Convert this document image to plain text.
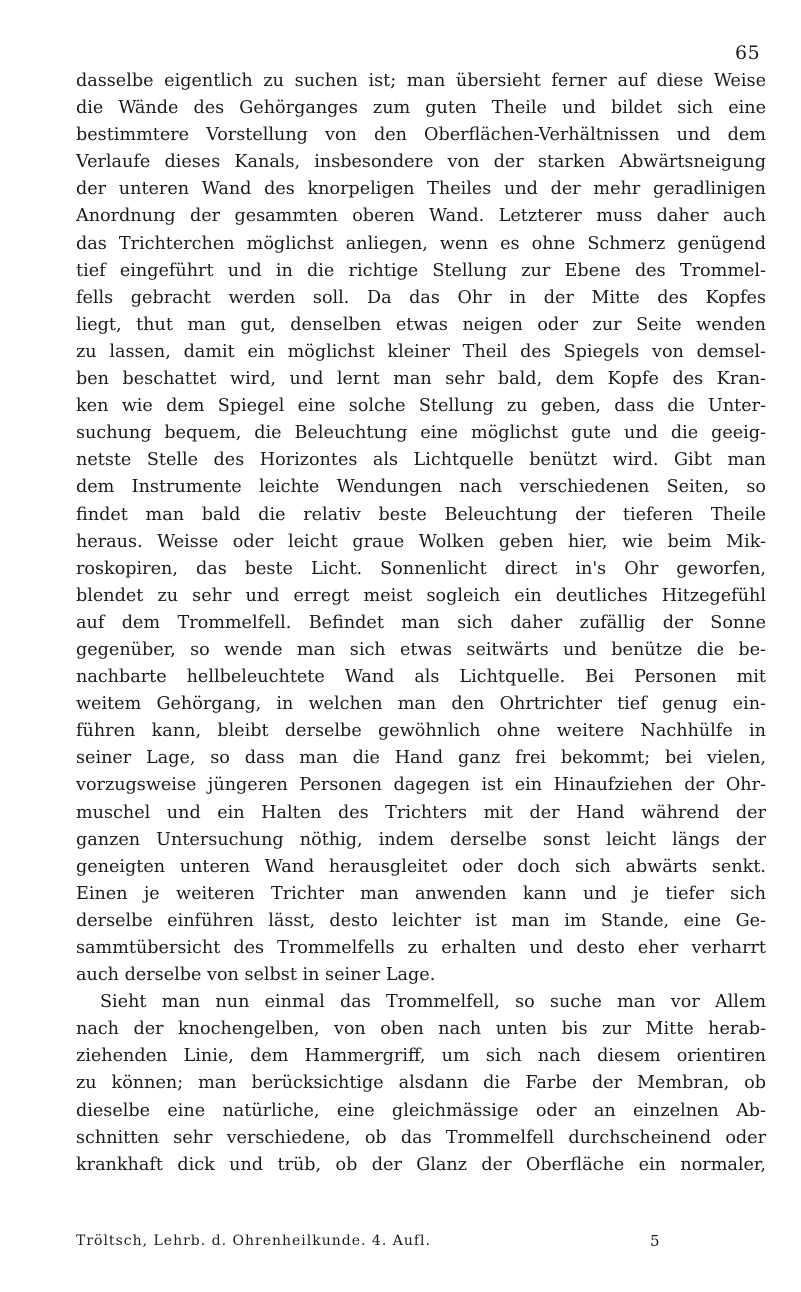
65
dasselbe eigentlich zu suchen ist; man übersieht ferner auf diese Weise
die Wände des Gehörganges zum guten Theile und bildet sich eine
bestimmtere Vorstellung von den Oberflächen-Verhältnissen und dem
Verlaufe dieses Kanals, insbesondere von der starken Abwärtsneigung
der unteren Wand des knorpeligen Theiles und der mehr geradlinigen
Anordnung der gesammten oberen Wand. Letzterer muss daher auch
das Trichterchen möglichst anliegen, wenn es ohne Schmerz genügend
tief eingeführt und in die richtige Stellung zur Ebene des Trommel-
fells gebracht werden soll. Da das Ohr in der Mitte des Kopfes
liegt, thut man gut, denselben etwas neigen oder zur Seite wenden
zu lassen, damit ein möglichst kleiner Theil des Spiegels von demsel-
ben beschattet wird, und lernt man sehr bald, dem Kopfe des Kran-
ken wie dem Spiegel eine solche Stellung zu geben, dass die Unter-
suchung bequem, die Beleuchtung eine möglichst gute und die geeig-
netste Stelle des Horizontes als Lichtquelle benützt wird. Gibt man
dem Instrumente leichte Wendungen nach verschiedenen Seiten, so
findet man bald die relativ beste Beleuchtung der tieferen Theile
heraus. Weisse oder leicht graue Wolken geben hier, wie beim Mik-
roskopiren, das beste Licht. Sonnenlicht direct in's Ohr geworfen,
blendet zu sehr und erregt meist sogleich ein deutliches Hitzegefühl
auf dem Trommelfell. Befindet man sich daher zufällig der Sonne
gegenüber, so wende man sich etwas seitwärts und benütze die be-
nachbarte hellbeleuchtete Wand als Lichtquelle. Bei Personen mit
weitem Gehörgang, in welchen man den Ohrtrichter tief genug ein-
führen kann, bleibt derselbe gewöhnlich ohne weitere Nachhülfe in
seiner Lage, so dass man die Hand ganz frei bekommt; bei vielen,
vorzugsweise jüngeren Personen dagegen ist ein Hinaufziehen der Ohr-
muschel und ein Halten des Trichters mit der Hand während der
ganzen Untersuchung nöthig, indem derselbe sonst leicht längs der
geneigten unteren Wand herausgleitet oder doch sich abwärts senkt.
Einen je weiteren Trichter man anwenden kann und je tiefer sich
derselbe einführen lässt, desto leichter ist man im Stande, eine Ge-
sammtübersicht des Trommelfells zu erhalten und desto eher verharrt
auch derselbe von selbst in seiner Lage.
Sieht man nun einmal das Trommelfell, so suche man vor Allem
nach der knochengelben, von oben nach unten bis zur Mitte herab-
ziehenden Linie, dem Hammergriff, um sich nach diesem orientiren
zu können; man berücksichtige alsdann die Farbe der Membran, ob
dieselbe eine natürliche, eine gleichmässige oder an einzelnen Ab-
schnitten sehr verschiedene, ob das Trommelfell durchscheinend oder
krankhaft dick und trüb, ob der Glanz der Oberfläche ein normaler,
Tröltsch, Lehrb. d. Ohrenheilkunde. 4. Aufl.	5
